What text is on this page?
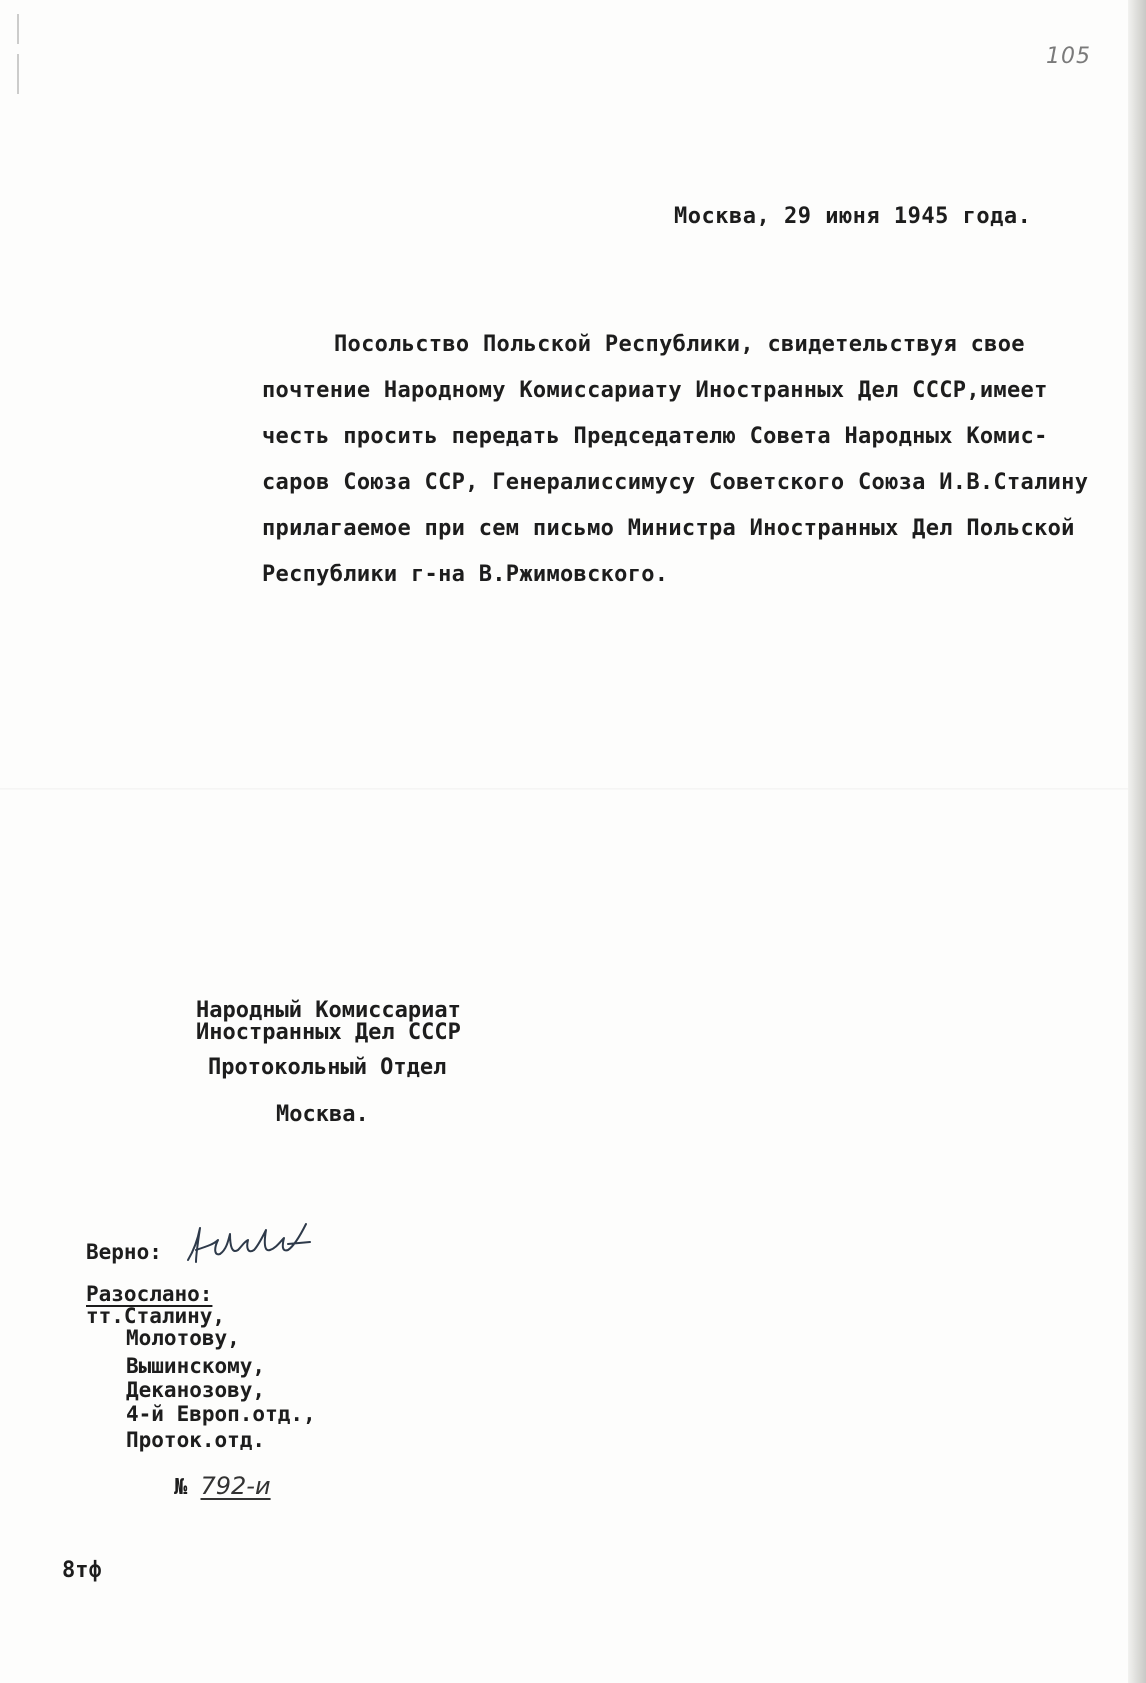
105
Москва, 29 июня 1945 года.
Посольство Польской Республики, свидетельствуя свое
почтение Народному Комиссариату Иностранных Дел СССР,имеет
честь просить передать Председателю Совета Народных Комис-
саров Союза ССР, Генералиссимусу Советского Союза И.В.Сталину
прилагаемое при сем письмо Министра Иностранных Дел Польской
Республики г-на В.Ржимовского.
Народный Комиссариат
Иностранных Дел СССР
Протокольный Отдел
Москва.
Верно:
Разослано:
тт.Сталину,
Молотову,
Вышинскому,
Деканозову,
4-й Европ.отд.,
Проток.отд.
№ 792-и
8тф
